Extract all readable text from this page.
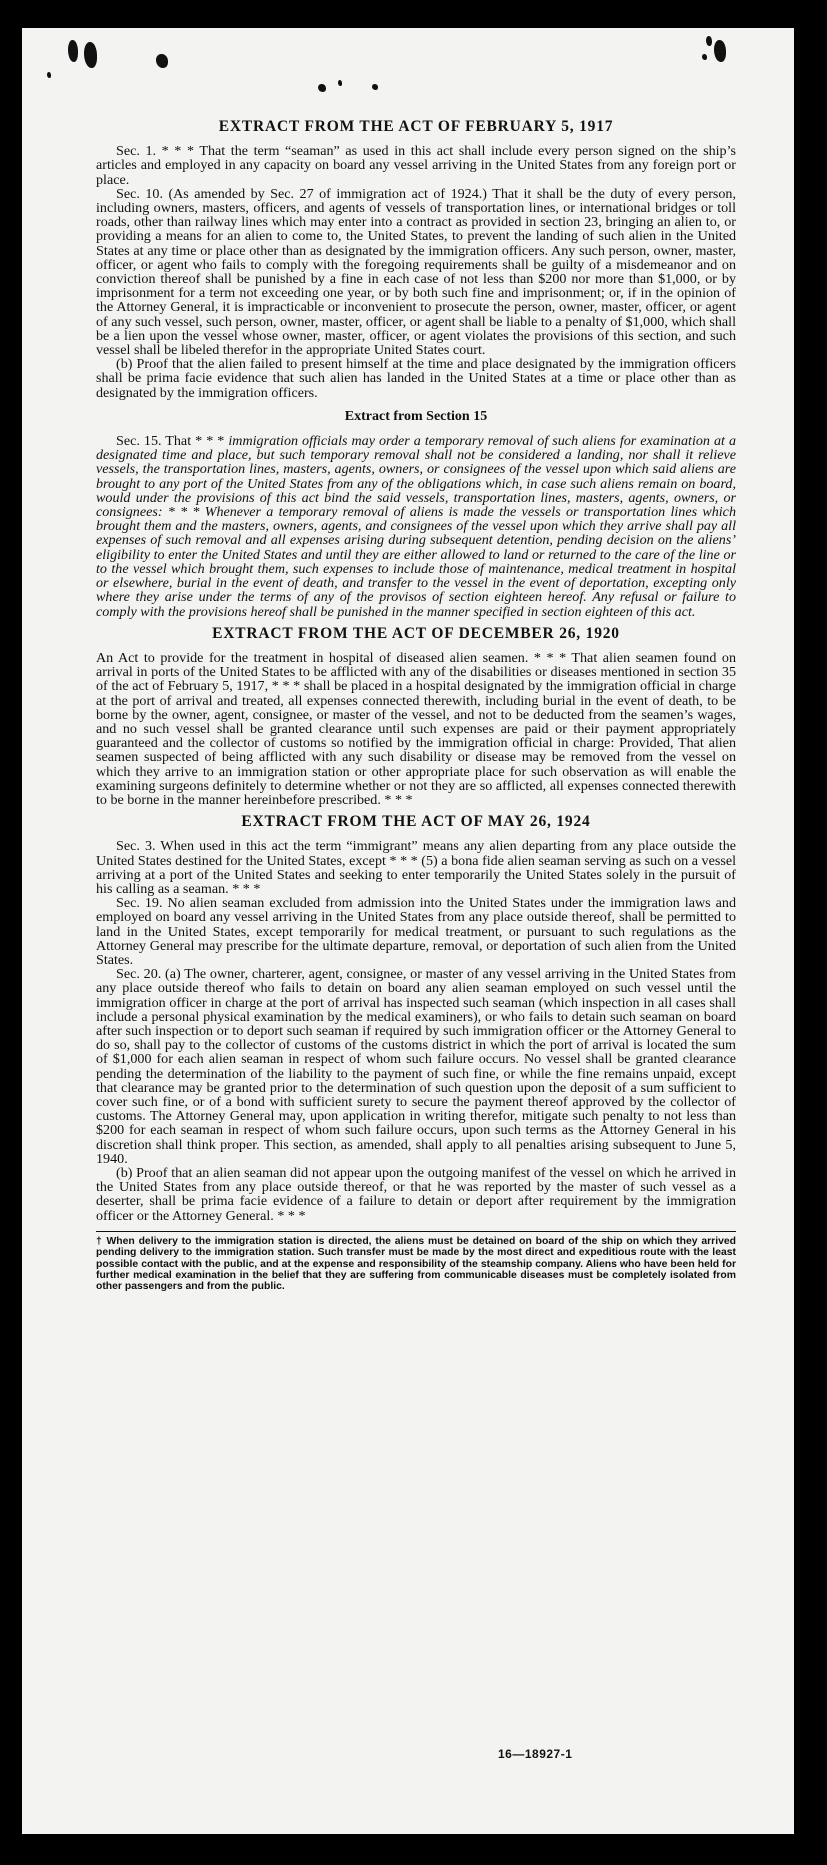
EXTRACT FROM THE ACT OF FEBRUARY 5, 1917

Sec. 1. * * * That the term “seaman” as used in this act shall include every person signed on the ship’s articles and employed in any capacity on board any vessel arriving in the United States from any foreign port or place.

Sec. 10. (As amended by Sec. 27 of immigration act of 1924.) That it shall be the duty of every person, including owners, masters, officers, and agents of vessels of transportation lines, or international bridges or toll roads, other than railway lines which may enter into a contract as provided in section 23, bringing an alien to, or providing a means for an alien to come to, the United States, to prevent the landing of such alien in the United States at any time or place other than as designated by the immigration officers. Any such person, owner, master, officer, or agent who fails to comply with the foregoing requirements shall be guilty of a misdemeanor and on conviction thereof shall be punished by a fine in each case of not less than $200 nor more than $1,000, or by imprisonment for a term not exceeding one year, or by both such fine and imprisonment; or, if in the opinion of the Attorney General, it is impracticable or inconvenient to prosecute the person, owner, master, officer, or agent of any such vessel, such person, owner, master, officer, or agent shall be liable to a penalty of $1,000, which shall be a lien upon the vessel whose owner, master, officer, or agent violates the provisions of this section, and such vessel shall be libeled therefor in the appropriate United States court.

(b) Proof that the alien failed to present himself at the time and place designated by the immigration officers shall be prima facie evidence that such alien has landed in the United States at a time or place other than as designated by the immigration officers.

Extract from Section 15

Sec. 15. That * * * immigration officials may order a temporary removal of such aliens for examination at a designated time and place, but such temporary removal shall not be considered a landing, nor shall it relieve vessels, the transportation lines, masters, agents, owners, or consignees of the vessel upon which said aliens are brought to any port of the United States from any of the obligations which, in case such aliens remain on board, would under the provisions of this act bind the said vessels, transportation lines, masters, agents, owners, or consignees: * * * Whenever a temporary removal of aliens is made the vessels or transportation lines which brought them and the masters, owners, agents, and consignees of the vessel upon which they arrive shall pay all expenses of such removal and all expenses arising during subsequent detention, pending decision on the aliens’ eligibility to enter the United States and until they are either allowed to land or returned to the care of the line or to the vessel which brought them, such expenses to include those of maintenance, medical treatment in hospital or elsewhere, burial in the event of death, and transfer to the vessel in the event of deportation, excepting only where they arise under the terms of any of the provisos of section eighteen hereof. Any refusal or failure to comply with the provisions hereof shall be punished in the manner specified in section eighteen of this act.

EXTRACT FROM THE ACT OF DECEMBER 26, 1920

An Act to provide for the treatment in hospital of diseased alien seamen. * * * That alien seamen found on arrival in ports of the United States to be afflicted with any of the disabilities or diseases mentioned in section 35 of the act of February 5, 1917, * * * shall be placed in a hospital designated by the immigration official in charge at the port of arrival and treated, all expenses connected therewith, including burial in the event of death, to be borne by the owner, agent, consignee, or master of the vessel, and not to be deducted from the seamen’s wages, and no such vessel shall be granted clearance until such expenses are paid or their payment appropriately guaranteed and the collector of customs so notified by the immigration official in charge: Provided, That alien seamen suspected of being afflicted with any such disability or disease may be removed from the vessel on which they arrive to an immigration station or other appropriate place for such observation as will enable the examining surgeons definitely to determine whether or not they are so afflicted, all expenses connected therewith to be borne in the manner hereinbefore prescribed. * * *

EXTRACT FROM THE ACT OF MAY 26, 1924

Sec. 3. When used in this act the term “immigrant” means any alien departing from any place outside the United States destined for the United States, except * * * (5) a bona fide alien seaman serving as such on a vessel arriving at a port of the United States and seeking to enter temporarily the United States solely in the pursuit of his calling as a seaman. * * *

Sec. 19. No alien seaman excluded from admission into the United States under the immigration laws and employed on board any vessel arriving in the United States from any place outside thereof, shall be permitted to land in the United States, except temporarily for medical treatment, or pursuant to such regulations as the Attorney General may prescribe for the ultimate departure, removal, or deportation of such alien from the United States.

Sec. 20. (a) The owner, charterer, agent, consignee, or master of any vessel arriving in the United States from any place outside thereof who fails to detain on board any alien seaman employed on such vessel until the immigration officer in charge at the port of arrival has inspected such seaman (which inspection in all cases shall include a personal physical examination by the medical examiners), or who fails to detain such seaman on board after such inspection or to deport such seaman if required by such immigration officer or the Attorney General to do so, shall pay to the collector of customs of the customs district in which the port of arrival is located the sum of $1,000 for each alien seaman in respect of whom such failure occurs. No vessel shall be granted clearance pending the determination of the liability to the payment of such fine, or while the fine remains unpaid, except that clearance may be granted prior to the determination of such question upon the deposit of a sum sufficient to cover such fine, or of a bond with sufficient surety to secure the payment thereof approved by the collector of customs. The Attorney General may, upon application in writing therefor, mitigate such penalty to not less than $200 for each seaman in respect of whom such failure occurs, upon such terms as the Attorney General in his discretion shall think proper. This section, as amended, shall apply to all penalties arising subsequent to June 5, 1940.

(b) Proof that an alien seaman did not appear upon the outgoing manifest of the vessel on which he arrived in the United States from any place outside thereof, or that he was reported by the master of such vessel as a deserter, shall be prima facie evidence of a failure to detain or deport after requirement by the immigration officer or the Attorney General. * * *

† When delivery to the immigration station is directed, the aliens must be detained on board of the ship on which they arrived pending delivery to the immigration station. Such transfer must be made by the most direct and expeditious route with the least possible contact with the public, and at the expense and responsibility of the steamship company. Aliens who have been held for further medical examination in the belief that they are suffering from communicable diseases must be completely isolated from other passengers and from the public.
16—18927-1
